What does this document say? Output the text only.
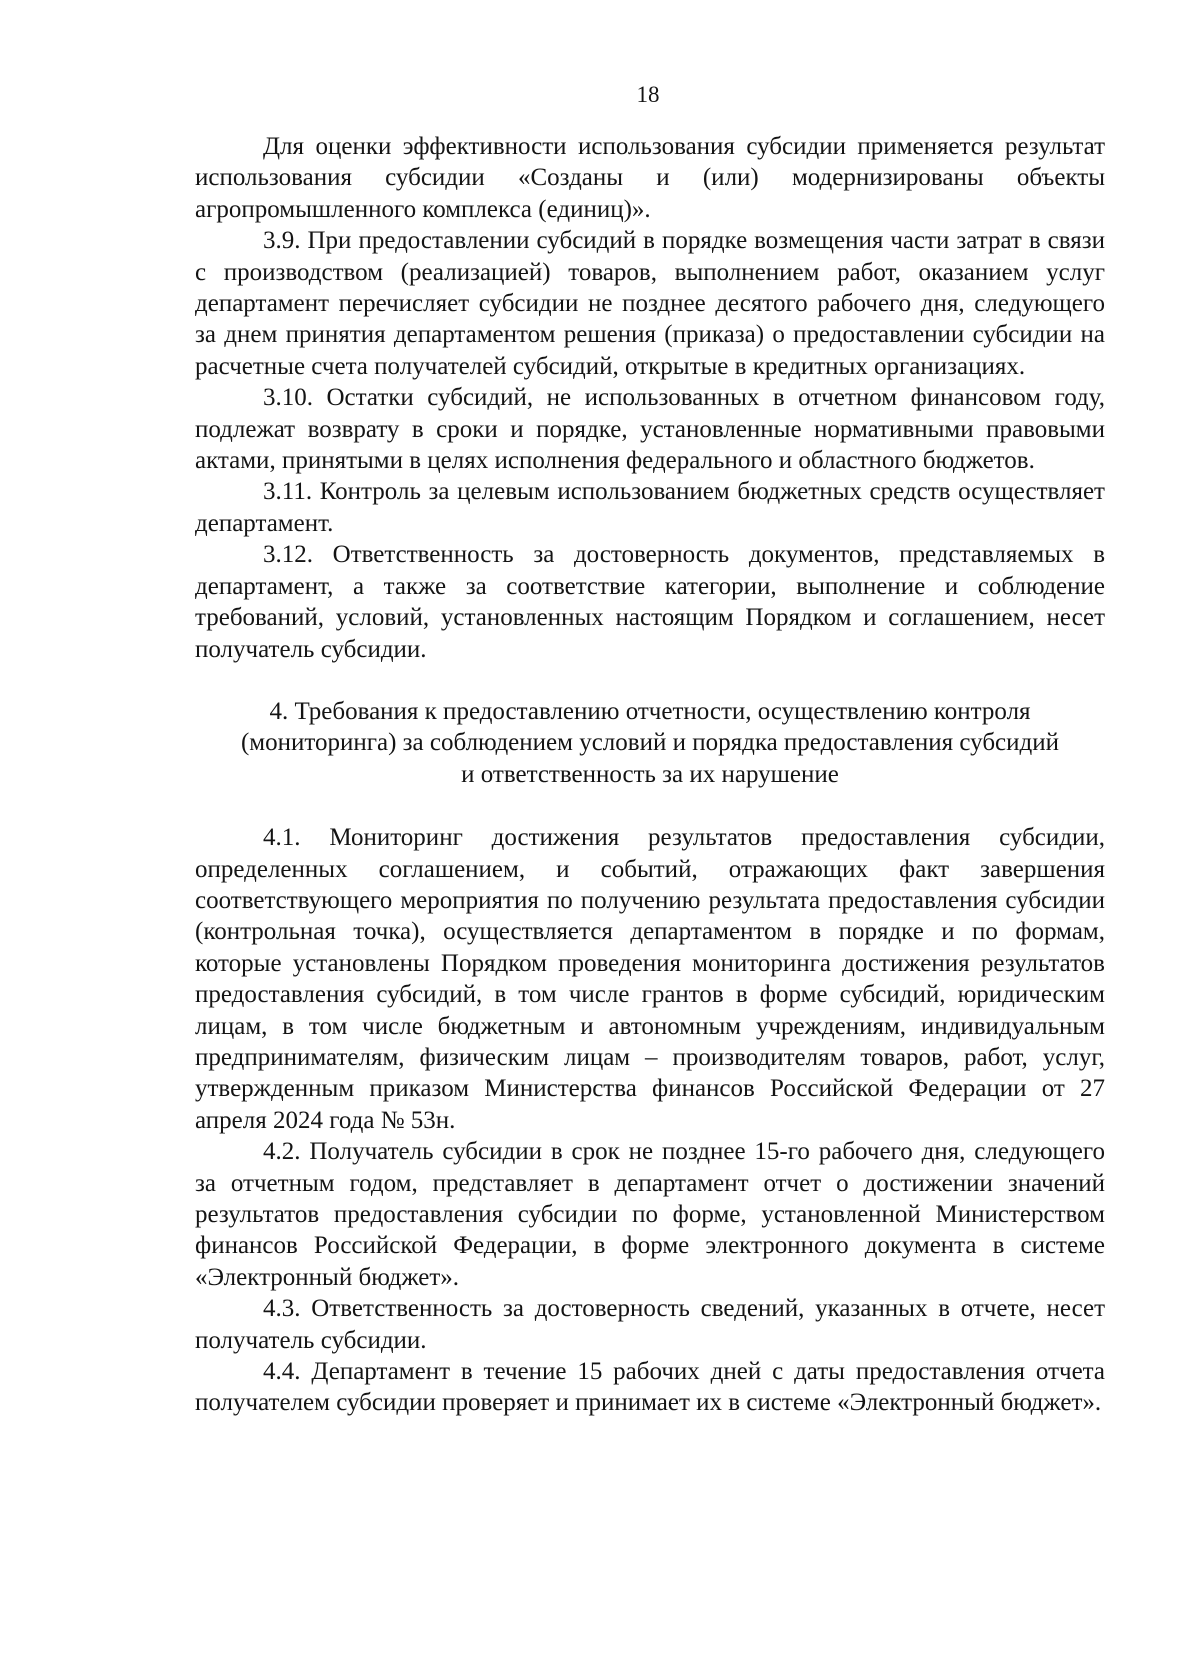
18

Для оценки эффективности использования субсидии применяется результат использования субсидии «Созданы и (или) модернизированы объекты агропромышленного комплекса (единиц)».

3.9. При предоставлении субсидий в порядке возмещения части затрат в связи с производством (реализацией) товаров, выполнением работ, оказанием услуг департамент перечисляет субсидии не позднее десятого рабочего дня, следующего за днем принятия департаментом решения (приказа) о предоставлении субсидии на расчетные счета получателей субсидий, открытые в кредитных организациях.

3.10. Остатки субсидий, не использованных в отчетном финансовом году, подлежат возврату в сроки и порядке, установленные нормативными правовыми актами, принятыми в целях исполнения федерального и областного бюджетов.

3.11. Контроль за целевым использованием бюджетных средств осуществляет департамент.

3.12. Ответственность за достоверность документов, представляемых в департамент, а также за соответствие категории, выполнение и соблюдение требований, условий, установленных настоящим Порядком и соглашением, несет получатель субсидии.

4. Требования к предоставлению отчетности, осуществлению контроля
(мониторинга) за соблюдением условий и порядка предоставления субсидий
и ответственность за их нарушение

4.1. Мониторинг достижения результатов предоставления субсидии, определенных соглашением, и событий, отражающих факт завершения соответствующего мероприятия по получению результата предоставления субсидии (контрольная точка), осуществляется департаментом в порядке и по формам, которые установлены Порядком проведения мониторинга достижения результатов предоставления субсидий, в том числе грантов в форме субсидий, юридическим лицам, в том числе бюджетным и автономным учреждениям, индивидуальным предпринимателям, физическим лицам – производителям товаров, работ, услуг, утвержденным приказом Министерства финансов Российской Федерации от 27 апреля 2024 года № 53н.

4.2. Получатель субсидии в срок не позднее 15-го рабочего дня, следующего за отчетным годом, представляет в департамент отчет о достижении значений результатов предоставления субсидии по форме, установленной Министерством финансов Российской Федерации, в форме электронного документа в системе «Электронный бюджет».

4.3. Ответственность за достоверность сведений, указанных в отчете, несет получатель субсидии.

4.4. Департамент в течение 15 рабочих дней с даты предоставления отчета получателем субсидии проверяет и принимает их в системе «Электронный бюджет».
